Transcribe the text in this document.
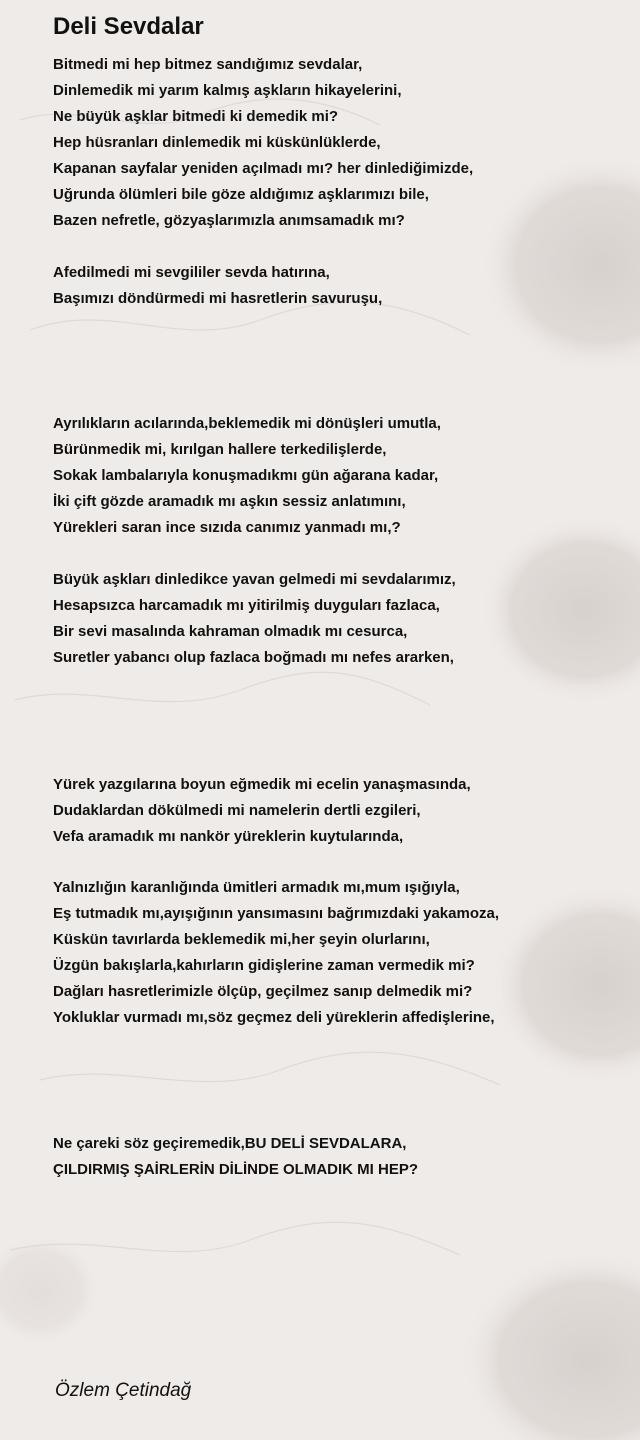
Deli Sevdalar
Bitmedi mi hep bitmez sandığımız sevdalar,
Dinlemedik mi yarım kalmış aşkların hikayelerini,
Ne büyük aşklar bitmedi ki demedik mi?
Hep hüsranları dinlemedik mi küskünlüklerde,
Kapanan sayfalar yeniden açılmadı mı? her dinlediğimizde,
Uğrunda ölümleri bile göze aldığımız aşklarımızı bile,
Bazen nefretle, gözyaşlarımızla anımsamadık mı?
Afedilmedi mi sevgililer sevda hatırına,
Başımızı döndürmedi mi hasretlerin savuruşu,
Ayrılıkların acılarında,beklemedik mi dönüşleri umutla,
Bürünmedik mi, kırılgan hallere terkedilişlerde,
Sokak lambalarıyla konuşmadıkmı gün ağarana kadar,
İki çift gözde aramadık mı aşkın sessiz anlatımını,
Yürekleri saran ince sızıda canımız yanmadı mı,?
Büyük aşkları dinledikce yavan gelmedi mi sevdalarımız,
Hesapsızca harcamadık mı yitirilmiş duyguları fazlaca,
Bir sevi masalında kahraman olmadık mı cesurca,
Suretler yabancı olup fazlaca boğmadı mı nefes ararken,
Yürek yazgılarına boyun eğmedik mi ecelin yanaşmasında,
Dudaklardan dökülmedi mi namelerin dertli ezgileri,
Vefa aramadık mı nankör yüreklerin kuytularında,
Yalnızlığın karanlığında ümitleri armadık mı,mum ışığıyla,
Eş tutmadık mı,ayışığının yansımasını bağrımızdaki yakamoza,
Küskün tavırlarda beklemedik mi,her şeyin olurlarını,
Üzgün bakışlarla,kahırların gidişlerine zaman vermedik mi?
Dağları hasretlerimizle ölçüp, geçilmez sanıp delmedik mi?
Yokluklar vurmadı mı,söz geçmez deli yüreklerin affedişlerine,
Ne çareki söz geçiremedik,BU DELİ SEVDALARA,
ÇILDIRMIŞ ŞAİRLERİN DİLİNDE OLMADIK MI HEP?
Özlem Çetindağ
